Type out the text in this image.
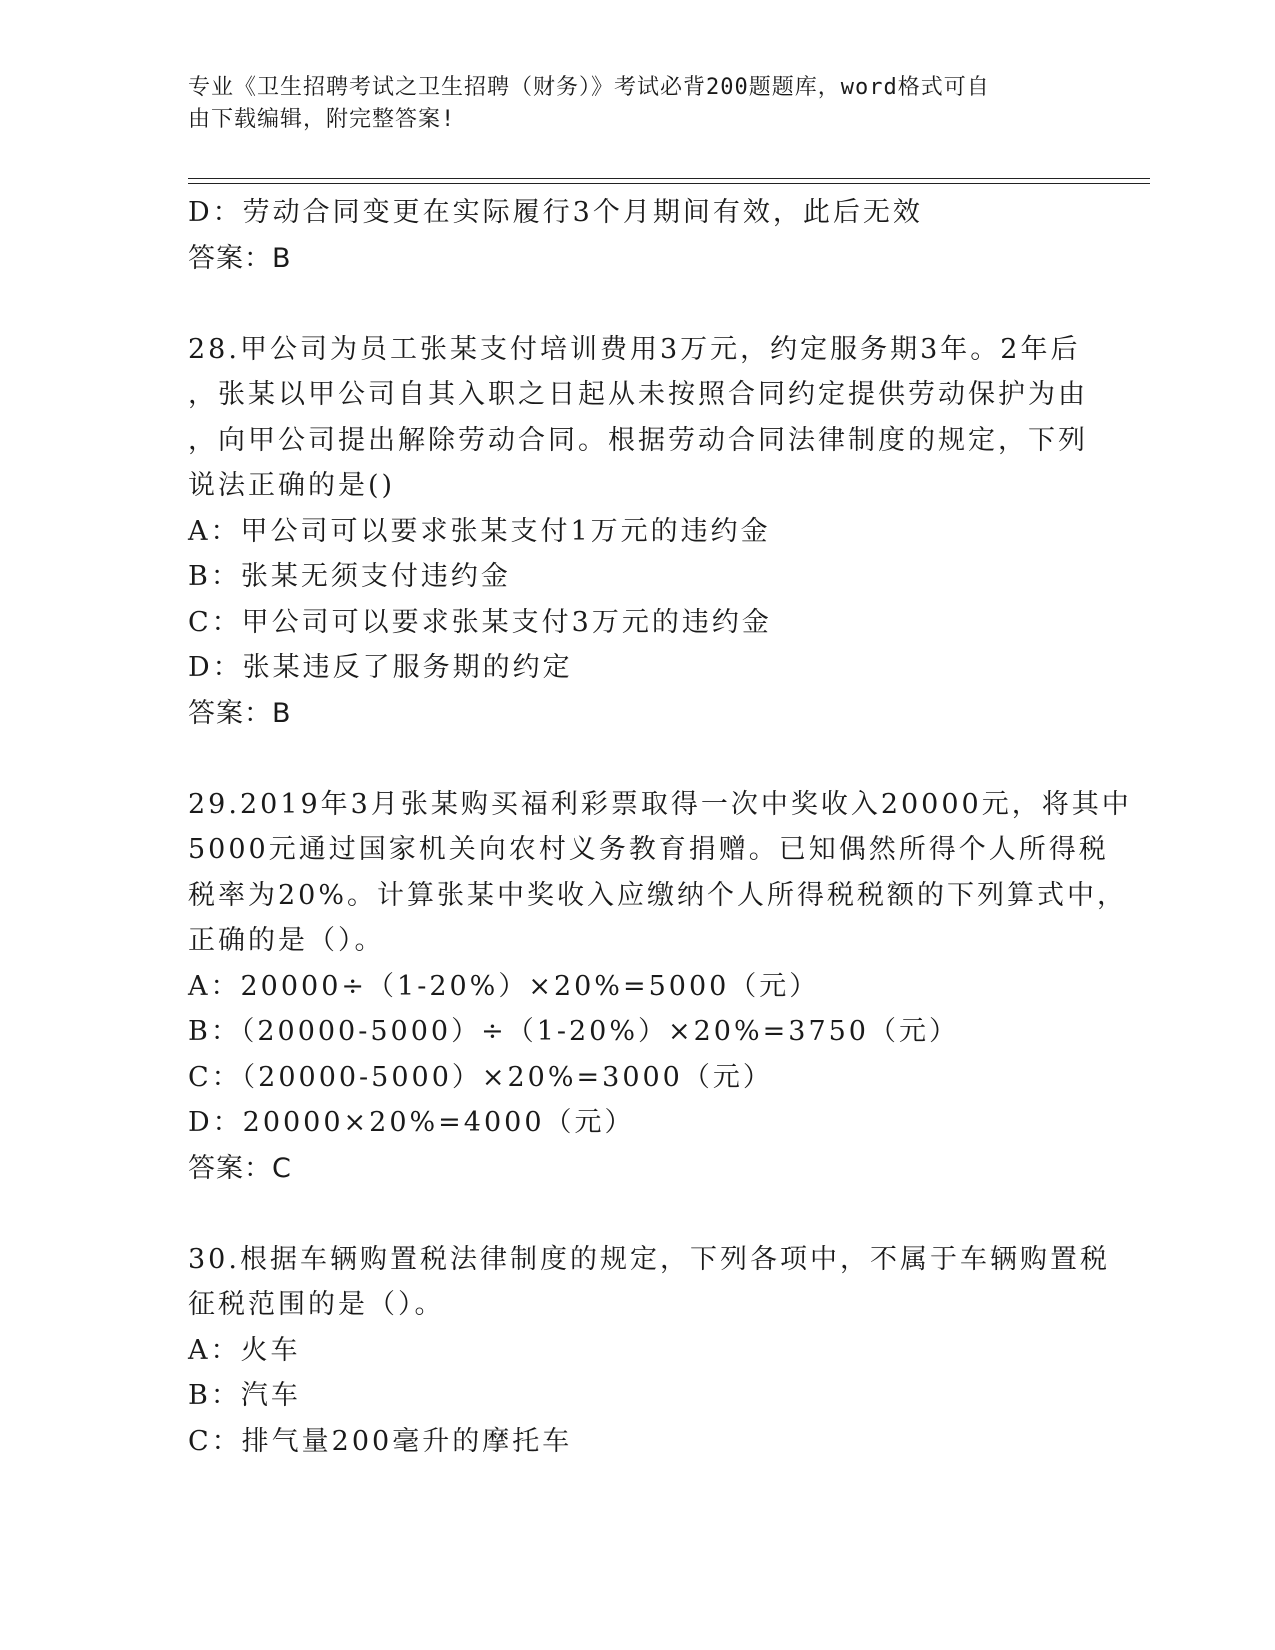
专业《卫生招聘考试之卫生招聘（财务）》考试必背200题题库，word格式可自
由下载编辑，附完整答案!
D：劳动合同变更在实际履行3个月期间有效，此后无效
答案：B
28.甲公司为员工张某支付培训费用3万元，约定服务期3年。2年后
，张某以甲公司自其入职之日起从未按照合同约定提供劳动保护为由
，向甲公司提出解除劳动合同。根据劳动合同法律制度的规定，下列
说法正确的是()
A：甲公司可以要求张某支付1万元的违约金
B：张某无须支付违约金
C：甲公司可以要求张某支付3万元的违约金
D：张某违反了服务期的约定
答案：B
29.2019年3月张某购买福利彩票取得一次中奖收入20000元，将其中
5000元通过国家机关向农村义务教育捐赠。已知偶然所得个人所得税
税率为20%。计算张某中奖收入应缴纳个人所得税税额的下列算式中，
正确的是（）。
A：20000÷（1-20%）×20%=5000（元）
B：（20000-5000）÷（1-20%）×20%=3750（元）
C：（20000-5000）×20%=3000（元）
D：20000×20%=4000（元）
答案：C
30.根据车辆购置税法律制度的规定，下列各项中，不属于车辆购置税
征税范围的是（）。
A：火车
B：汽车
C：排气量200毫升的摩托车
